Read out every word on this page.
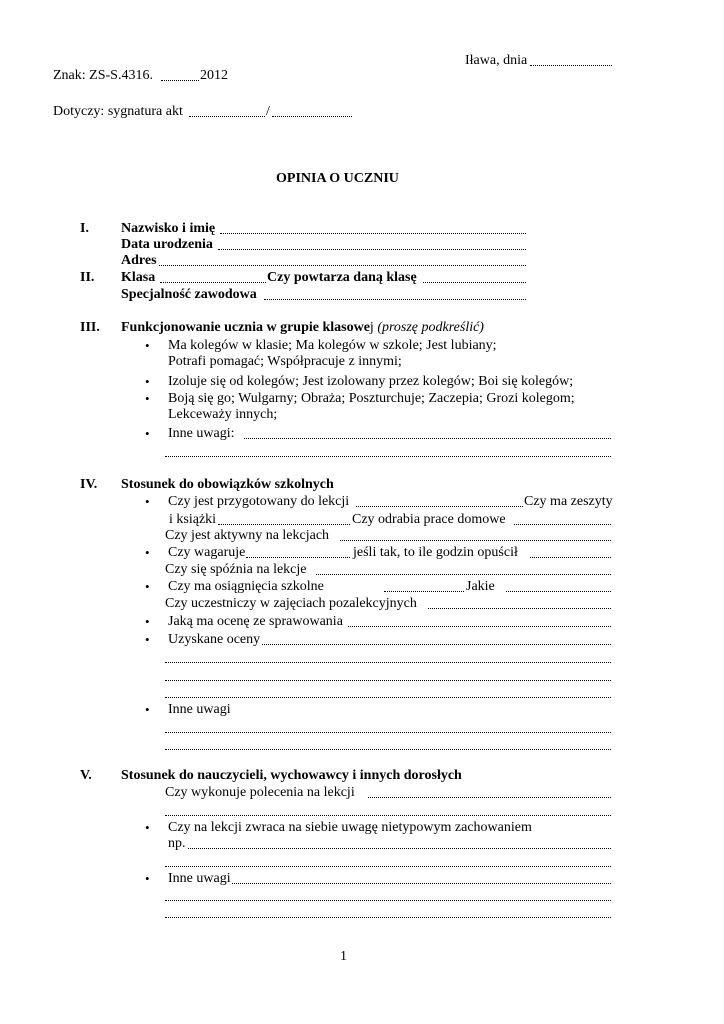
Iława, dnia
Znak: ZS-S.4316.	2012
Dotyczy: sygnatura akt	/
OPINIA O UCZNIU
I. Nazwisko i imię
Data urodzenia
Adres
II. Klasa	Czy powtarza daną klasę
Specjalność zawodowa
III. Funkcjonowanie ucznia w grupie klasowej (proszę podkreślić)
• Ma kolegów w klasie; Ma kolegów w szkole; Jest lubiany;
Potrafi pomagać; Współpracuje z innymi;
• Izoluje się od kolegów; Jest izolowany przez kolegów; Boi się kolegów;
• Boją się go; Wulgarny; Obraża; Poszturchuje; Zaczepia; Grozi kolegom;
Lekceważy innych;
• Inne uwagi:
IV. Stosunek do obowiązków szkolnych
• Czy jest przygotowany do lekcji	Czy ma zeszyty
i książki	Czy odrabia prace domowe
Czy jest aktywny na lekcjach
• Czy wagaruje	jeśli tak, to ile godzin opuścił
Czy się spóźnia na lekcje
• Czy ma osiągnięcia szkolne	Jakie
Czy uczestniczy w zajęciach pozalekcyjnych
• Jaką ma ocenę ze sprawowania
• Uzyskane oceny
• Inne uwagi
V. Stosunek do nauczycieli, wychowawcy i innych dorosłych
Czy wykonuje polecenia na lekcji
• Czy na lekcji zwraca na siebie uwagę nietypowym zachowaniem
np.
• Inne uwagi
1
